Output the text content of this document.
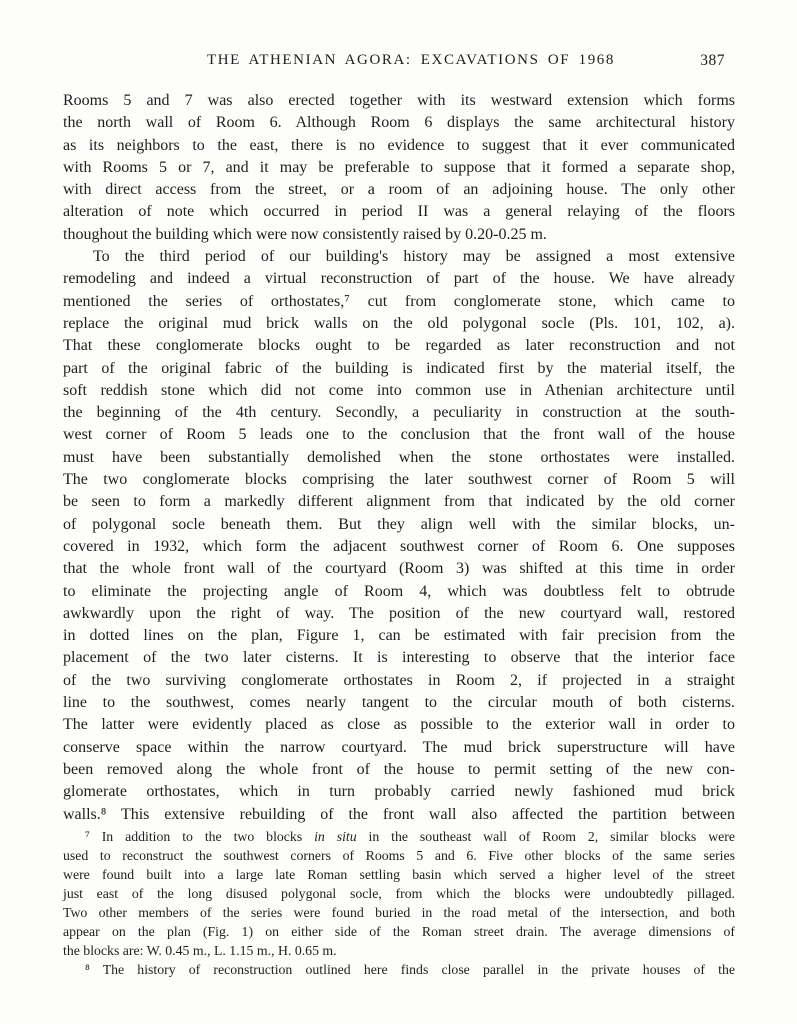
THE ATHENIAN AGORA: EXCAVATIONS OF 1968	387
Rooms 5 and 7 was also erected together with its westward extension which forms
the north wall of Room 6. Although Room 6 displays the same architectural history
as its neighbors to the east, there is no evidence to suggest that it ever communicated
with Rooms 5 or 7, and it may be preferable to suppose that it formed a separate shop,
with direct access from the street, or a room of an adjoining house. The only other
alteration of note which occurred in period II was a general relaying of the floors
thoughout the building which were now consistently raised by 0.20-0.25 m.
To the third period of our building's history may be assigned a most extensive
remodeling and indeed a virtual reconstruction of part of the house. We have already
mentioned the series of orthostates,⁷ cut from conglomerate stone, which came to
replace the original mud brick walls on the old polygonal socle (Pls. 101, 102, a).
That these conglomerate blocks ought to be regarded as later reconstruction and not
part of the original fabric of the building is indicated first by the material itself, the
soft reddish stone which did not come into common use in Athenian architecture until
the beginning of the 4th century. Secondly, a peculiarity in construction at the south-
west corner of Room 5 leads one to the conclusion that the front wall of the house
must have been substantially demolished when the stone orthostates were installed.
The two conglomerate blocks comprising the later southwest corner of Room 5 will
be seen to form a markedly different alignment from that indicated by the old corner
of polygonal socle beneath them. But they align well with the similar blocks, un-
covered in 1932, which form the adjacent southwest corner of Room 6. One supposes
that the whole front wall of the courtyard (Room 3) was shifted at this time in order
to eliminate the projecting angle of Room 4, which was doubtless felt to obtrude
awkwardly upon the right of way. The position of the new courtyard wall, restored
in dotted lines on the plan, Figure 1, can be estimated with fair precision from the
placement of the two later cisterns. It is interesting to observe that the interior face
of the two surviving conglomerate orthostates in Room 2, if projected in a straight
line to the southwest, comes nearly tangent to the circular mouth of both cisterns.
The latter were evidently placed as close as possible to the exterior wall in order to
conserve space within the narrow courtyard. The mud brick superstructure will have
been removed along the whole front of the house to permit setting of the new con-
glomerate orthostates, which in turn probably carried newly fashioned mud brick
walls.⁸ This extensive rebuilding of the front wall also affected the partition between
⁷ In addition to the two blocks in situ in the southeast wall of Room 2, similar blocks were
used to reconstruct the southwest corners of Rooms 5 and 6. Five other blocks of the same series
were found built into a large late Roman settling basin which served a higher level of the street
just east of the long disused polygonal socle, from which the blocks were undoubtedly pillaged.
Two other members of the series were found buried in the road metal of the intersection, and both
appear on the plan (Fig. 1) on either side of the Roman street drain. The average dimensions of
the blocks are: W. 0.45 m., L. 1.15 m., H. 0.65 m.
⁸ The history of reconstruction outlined here finds close parallel in the private houses of the
